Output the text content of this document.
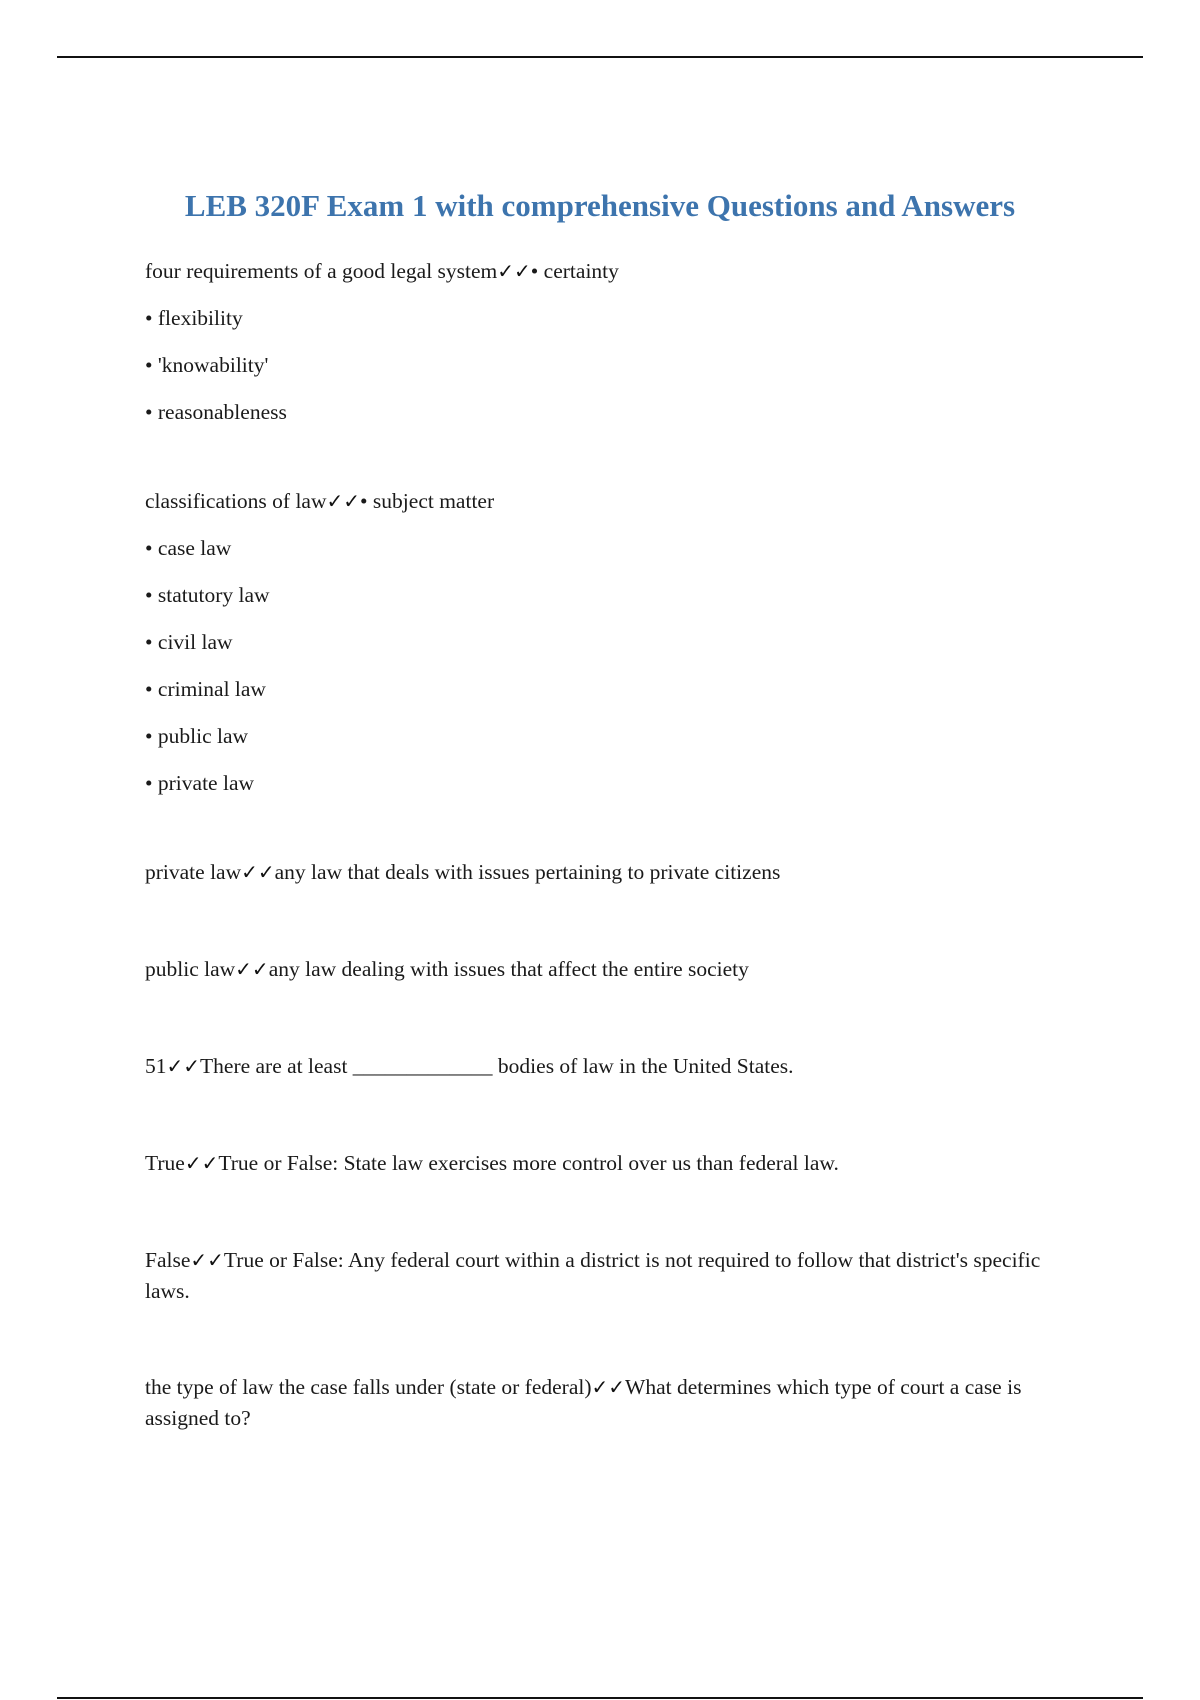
LEB 320F Exam 1 with comprehensive Questions and Answers

four requirements of a good legal system✓✓• certainty

• flexibility

• 'knowability'

• reasonableness

classifications of law✓✓• subject matter

• case law

• statutory law

• civil law

• criminal law

• public law

• private law

private law✓✓any law that deals with issues pertaining to private citizens

public law✓✓any law dealing with issues that affect the entire society

51✓✓There are at least _____________ bodies of law in the United States.

True✓✓True or False: State law exercises more control over us than federal law.

False✓✓True or False: Any federal court within a district is not required to follow that district's specific laws.

the type of law the case falls under (state or federal)✓✓What determines which type of court a case is assigned to?
